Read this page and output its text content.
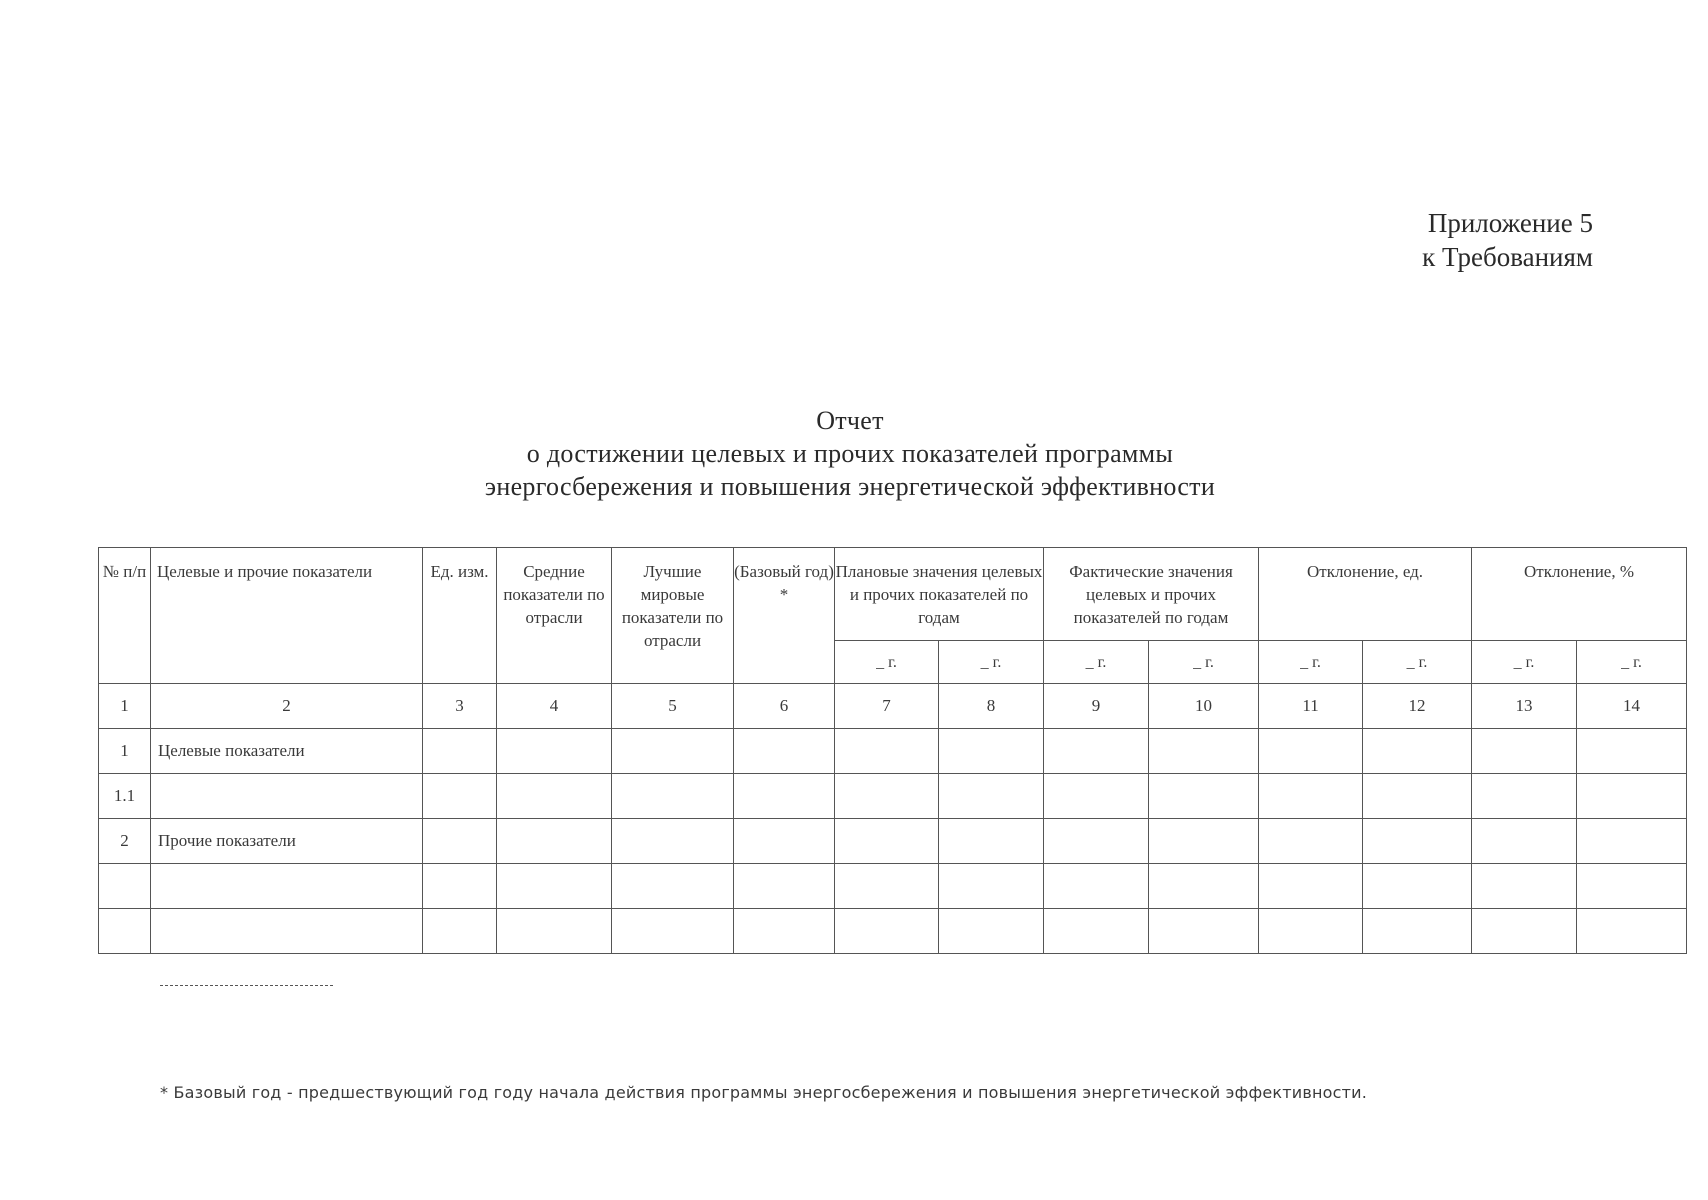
Приложение 5
к Требованиям
Отчет
о достижении целевых и прочих показателей программы
энергосбережения и повышения энергетической эффективности
№ п/п	Целевые и прочие показатели	Ед. изм.	Средние показатели по отрасли	Лучшие мировые показатели по отрасли	(Базовый год) *	Плановые значения целевых и прочих показателей по годам		Фактические значения целевых и прочих показателей по годам		Отклонение, ед.		Отклонение, %	
						_ г.	_ г.	_ г.	_ г.	_ г.	_ г.	_ г.	_ г.
1	2	3	4	5	6	7	8	9	10	11	12	13	14
1	Целевые показатели												
1.1													
2	Прочие показатели												

* Базовый год - предшествующий год году начала действия программы энергосбережения и повышения энергетической эффективности.
